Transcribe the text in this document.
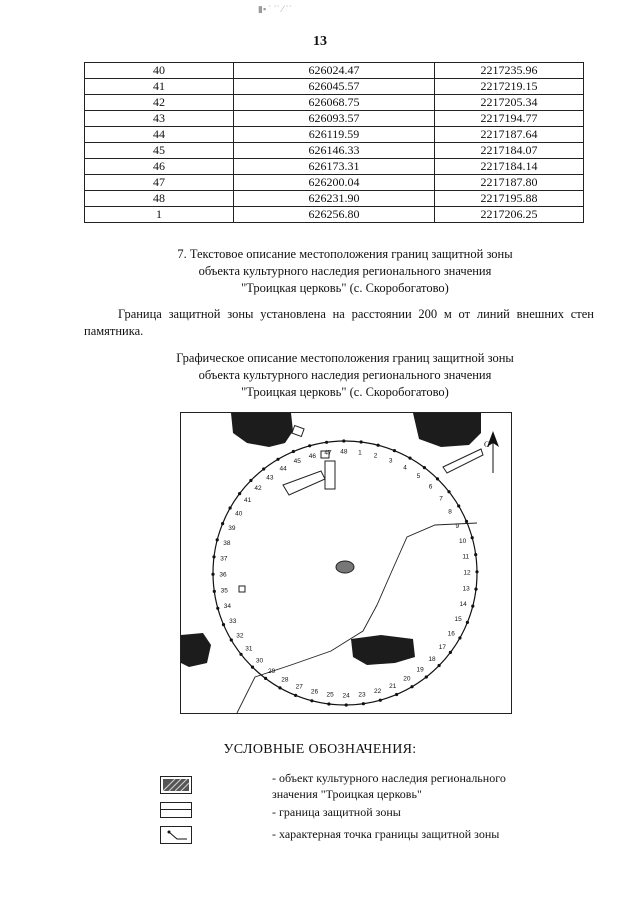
▮▪ ˙ ˙˙ ⁄ ˙˙
13
40	626024.47	2217235.96
41	626045.57	2217219.15
42	626068.75	2217205.34
43	626093.57	2217194.77
44	626119.59	2217187.64
45	626146.33	2217184.07
46	626173.31	2217184.14
47	626200.04	2217187.80
48	626231.90	2217195.88
1	626256.80	2217206.25
7. Текстовое описание местоположения границ защитной зоны
объекта культурного наследия регионального значения
"Троицкая церковь" (с. Скоробогатово)
Граница защитной зоны установлена на расстоянии 200 м от линий внешних стен памятника.
Графическое описание местоположения границ защитной зоны
объекта культурного наследия регионального значения
"Троицкая церковь" (с. Скоробогатово)
1 2
3
4
5
6
7
8
9
10
11
12
13
14
15
16
17
18
19
20
21
22
23
24
25
26
27
28
29
30
31
32
33
34
35
36
37
38
39
40
41
42
43
44
45
46 47 48
С
УСЛОВНЫЕ ОБОЗНАЧЕНИЯ:
- объект культурного наследия регионального
значения "Троицкая церковь"
- граница защитной зоны
- характерная точка границы защитной зоны
